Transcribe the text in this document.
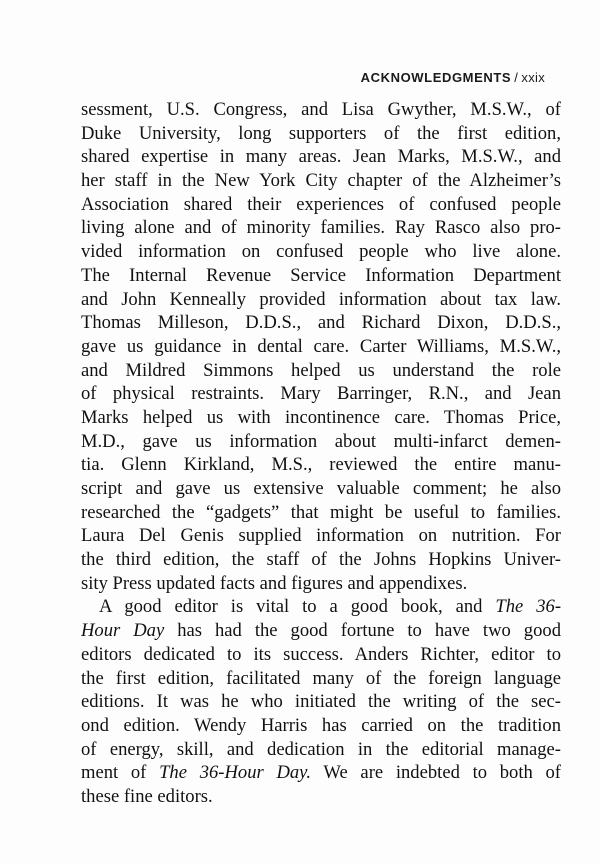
ACKNOWLEDGMENTS / xxix
sessment, U.S. Congress, and Lisa Gwyther, M.S.W., of
Duke University, long supporters of the first edition,
shared expertise in many areas. Jean Marks, M.S.W., and
her staff in the New York City chapter of the Alzheimer’s
Association shared their experiences of confused people
living alone and of minority families. Ray Rasco also pro-
vided information on confused people who live alone.
The Internal Revenue Service Information Department
and John Kenneally provided information about tax law.
Thomas Milleson, D.D.S., and Richard Dixon, D.D.S.,
gave us guidance in dental care. Carter Williams, M.S.W.,
and Mildred Simmons helped us understand the role
of physical restraints. Mary Barringer, R.N., and Jean
Marks helped us with incontinence care. Thomas Price,
M.D., gave us information about multi-infarct demen-
tia. Glenn Kirkland, M.S., reviewed the entire manu-
script and gave us extensive valuable comment; he also
researched the “gadgets” that might be useful to families.
Laura Del Genis supplied information on nutrition. For
the third edition, the staff of the Johns Hopkins Univer-
sity Press updated facts and figures and appendixes.
A good editor is vital to a good book, and The 36-
Hour Day has had the good fortune to have two good
editors dedicated to its success. Anders Richter, editor to
the first edition, facilitated many of the foreign language
editions. It was he who initiated the writing of the sec-
ond edition. Wendy Harris has carried on the tradition
of energy, skill, and dedication in the editorial manage-
ment of The 36-Hour Day. We are indebted to both of
these fine editors.
